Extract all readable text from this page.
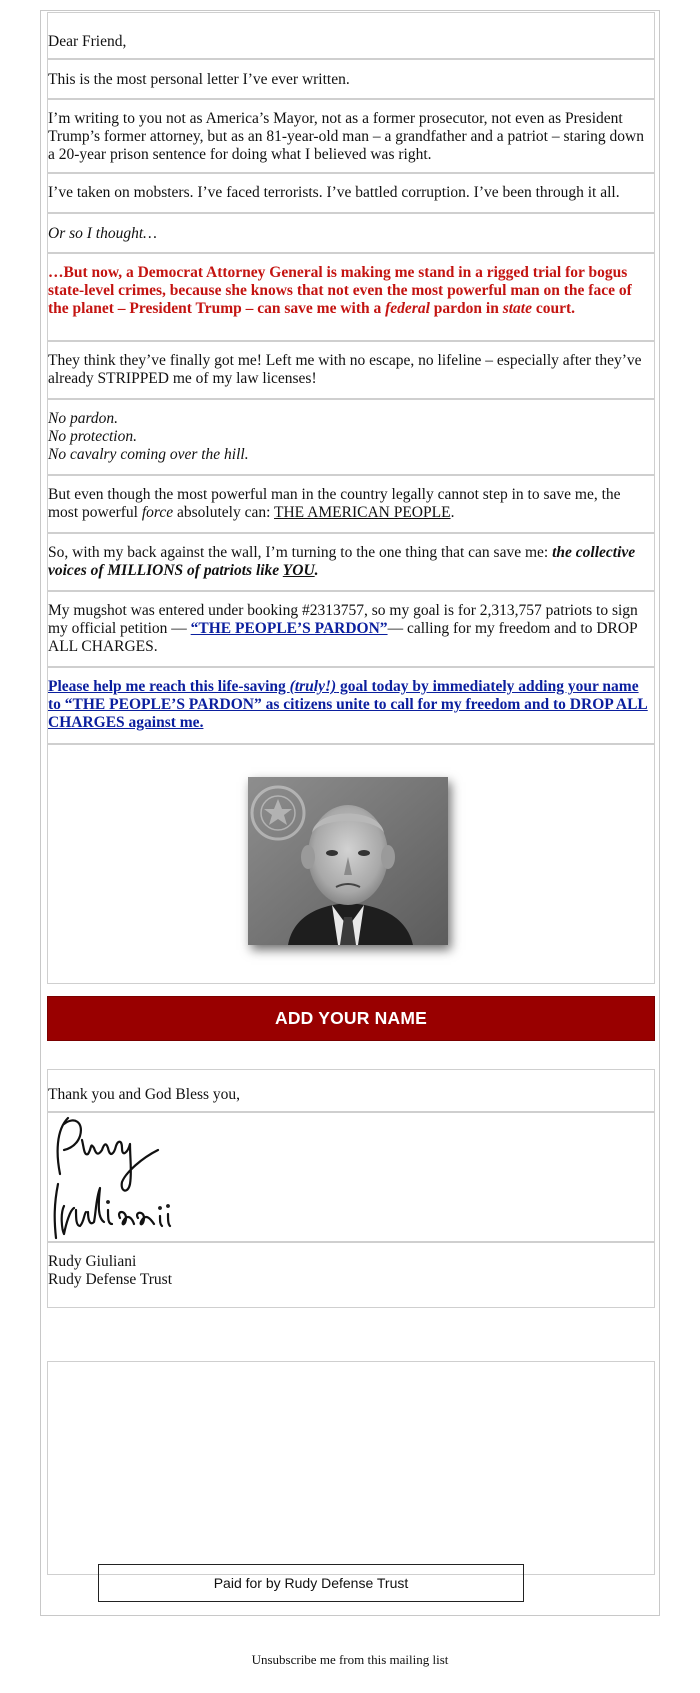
Dear Friend,

This is the most personal letter I’ve ever written.

I’m writing to you not as America’s Mayor, not as a former prosecutor, not even as President Trump’s former attorney, but as an 81-year-old man – a grandfather and a patriot – staring down a 20-year prison sentence for doing what I believed was right.

I’ve taken on mobsters. I’ve faced terrorists. I’ve battled corruption. I’ve been through it all.

Or so I thought…

…But now, a Democrat Attorney General is making me stand in a rigged trial for bogus state-level crimes, because she knows that not even the most powerful man on the face of the planet – President Trump – can save me with a federal pardon in state court.

They think they’ve finally got me! Left me with no escape, no lifeline – especially after they’ve already STRIPPED me of my law licenses!

No pardon.
No protection.
No cavalry coming over the hill.

But even though the most powerful man in the country legally cannot step in to save me, the most powerful force absolutely can: THE AMERICAN PEOPLE.

So, with my back against the wall, I’m turning to the one thing that can save me: the collective voices of MILLIONS of patriots like YOU.

My mugshot was entered under booking #2313757, so my goal is for 2,313,757 patriots to sign my official petition — “THE PEOPLE’S PARDON”— calling for my freedom and to DROP ALL CHARGES.

Please help me reach this life-saving (truly!) goal today by immediately adding your name to “THE PEOPLE’S PARDON” as citizens unite to call for my freedom and to DROP ALL CHARGES against me.

ADD YOUR NAME

Thank you and God Bless you,

Rudy Giuliani
Rudy Defense Trust

Paid for by Rudy Defense Trust
Unsubscribe me from this mailing list
